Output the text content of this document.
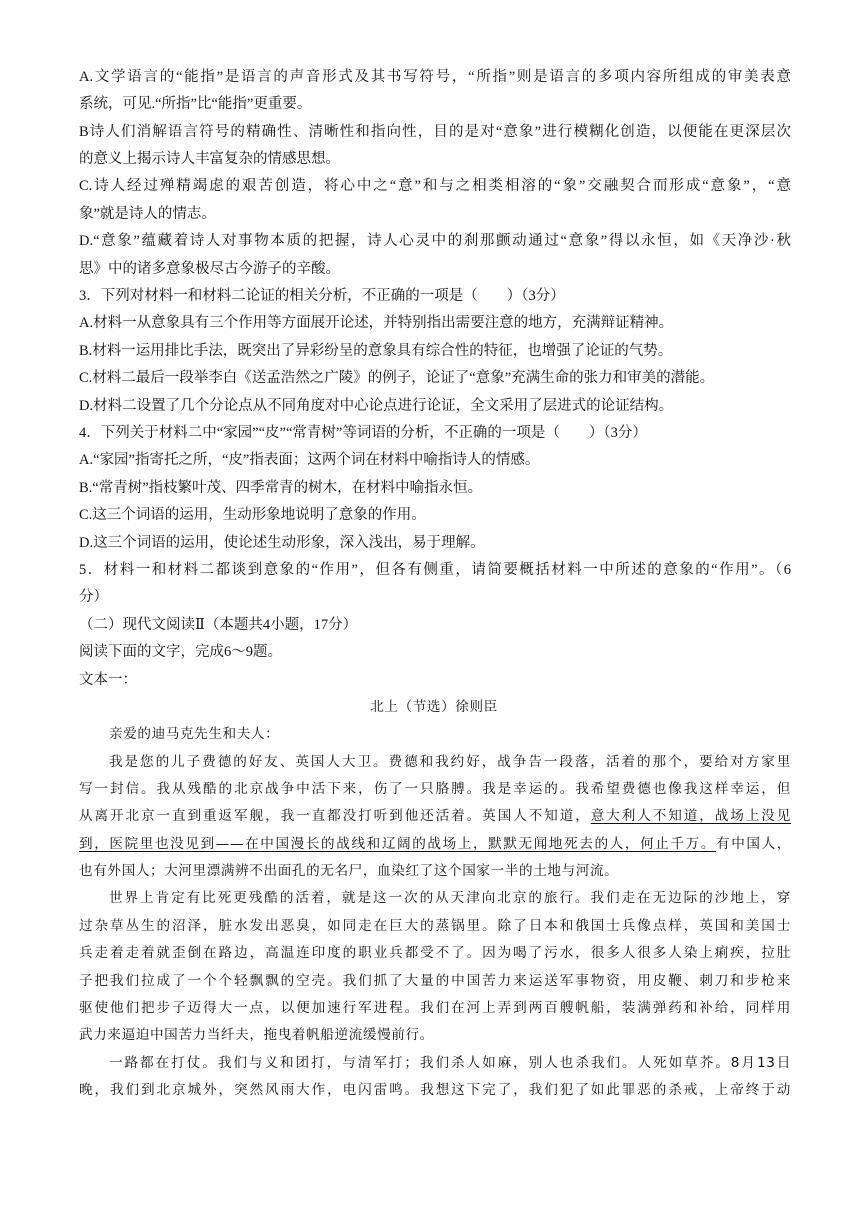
A.文学语言的“能指”是语言的声音形式及其书写符号，“所指”则是语言的多项内容所组成的审美表意
系统，可见.“所指”比“能指”更重要。
B诗人们消解语言符号的精确性、清晰性和指向性，目的是对“意象”进行模糊化创造，以便能在更深层次
的意义上揭示诗人丰富复杂的情感思想。
C.诗人经过殚精竭虑的艰苦创造，将心中之“意”和与之相类相溶的“象”交融契合而形成“意象”，“意
象”就是诗人的情志。
D.“意象”蕴藏着诗人对事物本质的把握，诗人心灵中的刹那颤动通过“意象”得以永恒，如《天净沙·秋
思》中的诸多意象极尽古今游子的辛酸。
3．下列对材料一和材料二论证的相关分析，不正确的一项是（　　）（3分）
A.材料一从意象具有三个作用等方面展开论述，并特别指出需要注意的地方，充满辩证精神。
B.材料一运用排比手法，既突出了异彩纷呈的意象具有综合性的特征，也增强了论证的气势。
C.材料二最后一段举李白《送孟浩然之广陵》的例子，论证了“意象”充满生命的张力和审美的潜能。
D.材料二设置了几个分论点从不同角度对中心论点进行论证，全文采用了层进式的论证结构。
4．下列关于材料二中“家园”“皮”“常青树”等词语的分析，不正确的一项是（　　）（3分）
A.“家园”指寄托之所，“皮”指表面；这两个词在材料中喻指诗人的情感。
B.“常青树”指枝繁叶茂、四季常青的树木，在材料中喻指永恒。
C.这三个词语的运用，生动形象地说明了意象的作用。
D.这三个词语的运用，使论述生动形象，深入浅出，易于理解。
5．材料一和材料二都谈到意象的“作用”，但各有侧重，请简要概括材料一中所述的意象的“作用”。（6
分）
（二）现代文阅读Ⅱ（本题共4小题，17分）
阅读下面的文字，完成6～9题。
文本一：
北上（节选）徐则臣
亲爱的迪马克先生和夫人：
我是您的儿子费德的好友、英国人大卫。费德和我约好，战争告一段落，活着的那个，要给对方家里
写一封信。我从残酷的北京战争中活下来，伤了一只胳膊。我是幸运的。我希望费德也像我这样幸运，但
从离开北京一直到重返军舰，我一直都没打听到他还活着。英国人不知道，意大利人不知道，战场上没见
到，医院里也没见到——在中国漫长的战线和辽阔的战场上，默默无闻地死去的人，何止千万。有中国人，
也有外国人；大河里漂满辨不出面孔的无名尸，血染红了这个国家一半的土地与河流。
世界上肯定有比死更残酷的活着，就是这一次的从天津向北京的旅行。我们走在无边际的沙地上，穿
过杂草丛生的沼泽，脏水发出恶臭，如同走在巨大的蒸锅里。除了日本和俄国士兵像点样，英国和美国士
兵走着走着就歪倒在路边，高温连印度的职业兵都受不了。因为喝了污水，很多人很多人染上痢疾，拉肚
子把我们拉成了一个个轻飘飘的空壳。我们抓了大量的中国苦力来运送军事物资，用皮鞭、刺刀和步枪来
驱使他们把步子迈得大一点，以便加速行军进程。我们在河上弄到两百艘帆船，装满弹药和补给，同样用
武力来逼迫中国苦力当纤夫，拖曳着帆船逆流缓慢前行。
一路都在打仗。我们与义和团打，与清军打；我们杀人如麻，别人也杀我们。人死如草芥。8月13日
晚，我们到北京城外，突然风雨大作，电闪雷鸣。我想这下完了，我们犯了如此罪恶的杀戒，上帝终于动
